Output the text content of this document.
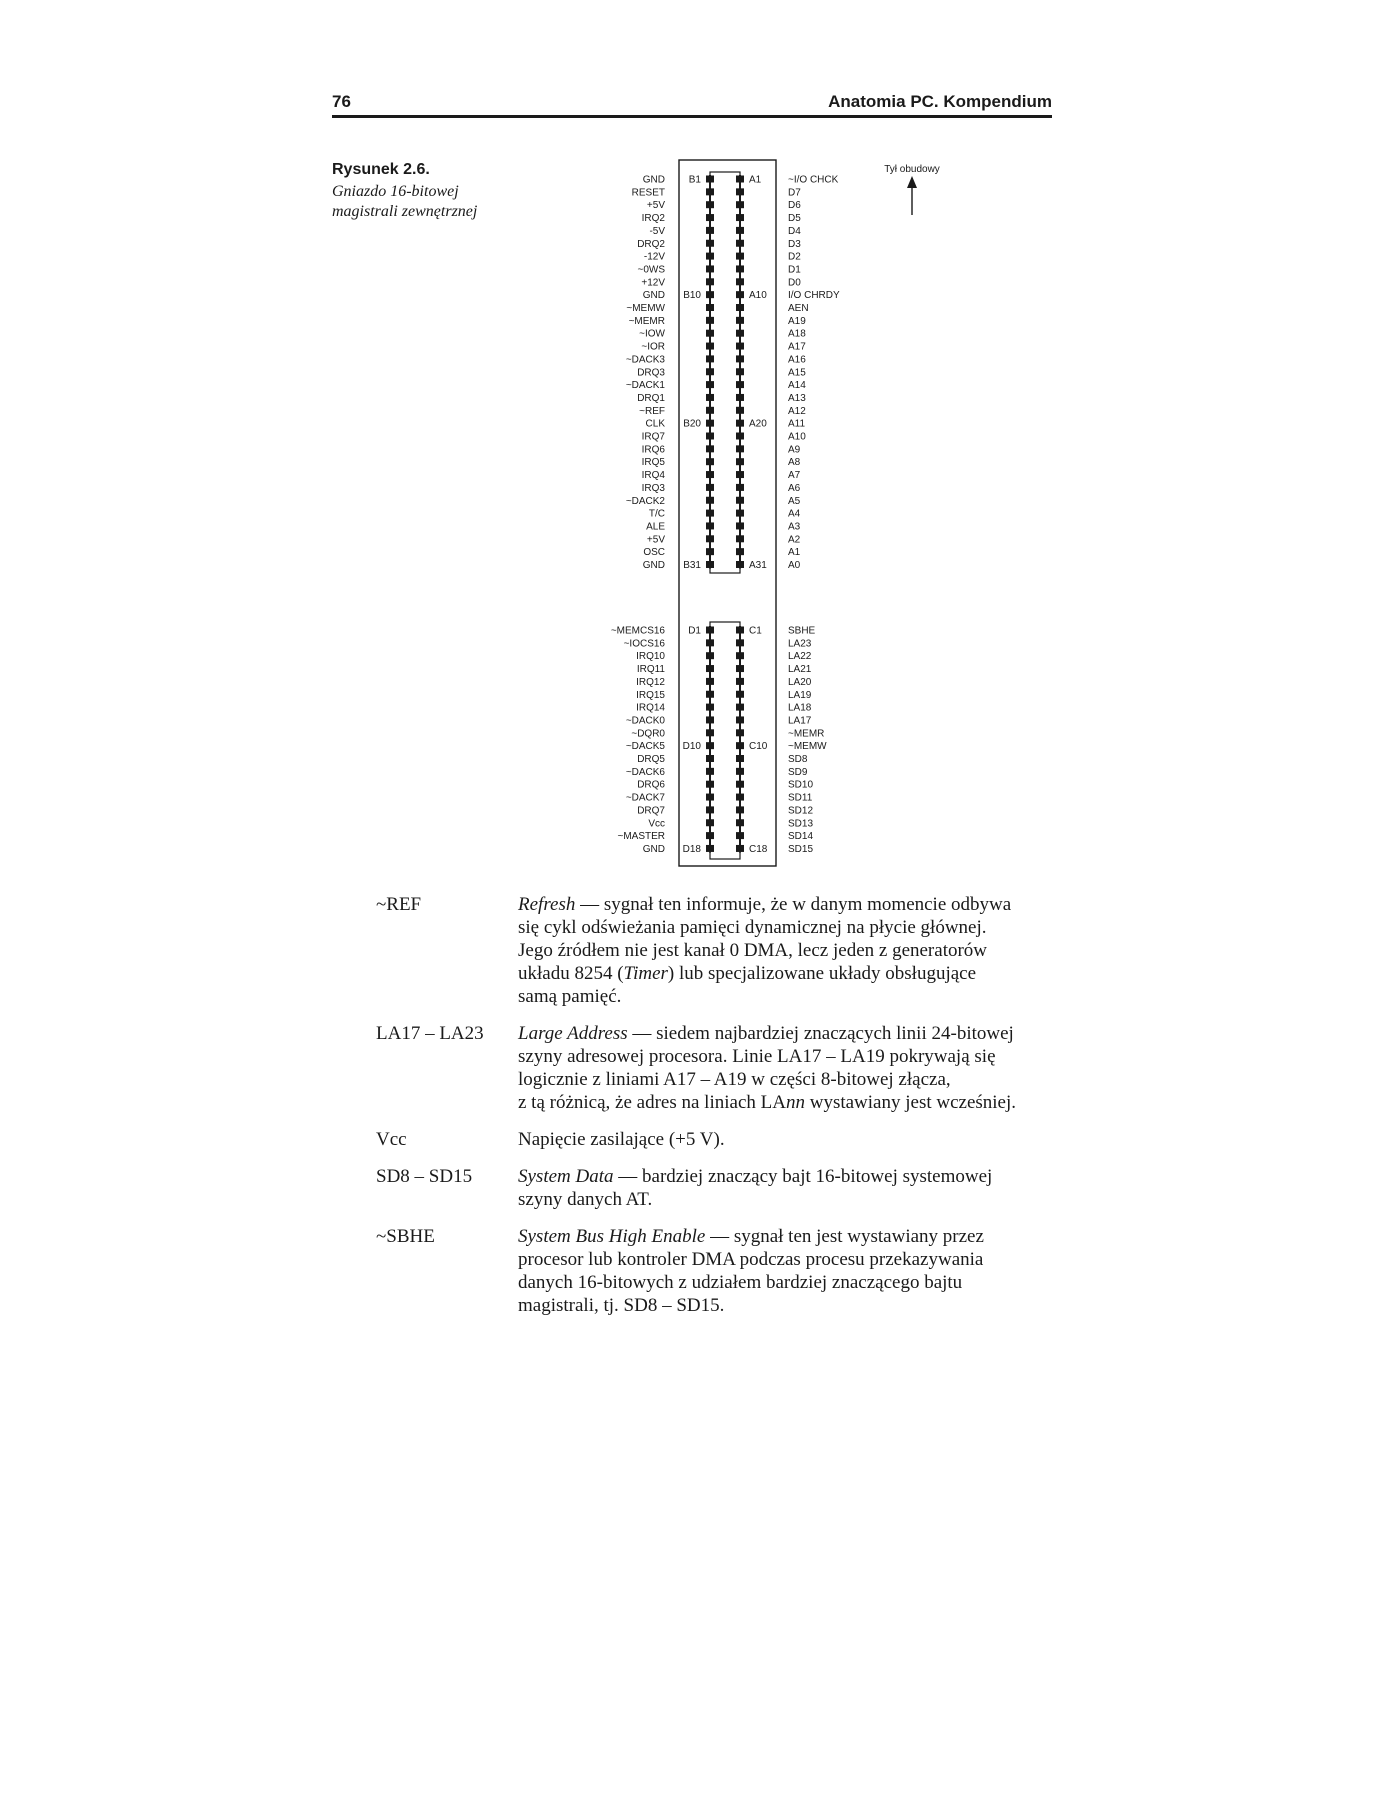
76	Anatomia PC. Kompendium
Rysunek 2.6.
Gniazdo 16-bitowej
magistrali zewnętrznej
GND	~I/O CHCK
RESET	D7
+5V	D6
IRQ2	D5
-5V	D4
DRQ2	D3
-12V	D2
~0WS	D1
+12V	D0
GND	I/O CHRDY
~MEMW	AEN
~MEMR	A19
~IOW	A18
~IOR	A17
~DACK3	A16
DRQ3	A15
~DACK1	A14
DRQ1	A13
~REF	A12
CLK	A11
IRQ7	A10
IRQ6	A9
IRQ5	A8
IRQ4	A7
IRQ3	A6
~DACK2	A5
T/C	A4
ALE	A3
+5V	A2
OSC	A1
GND	A0
B1	A1
B10	A10
B20	A20
B31	A31
~MEMCS16	SBHE
~IOCS16	LA23
IRQ10	LA22
IRQ11	LA21
IRQ12	LA20
IRQ15	LA19
IRQ14	LA18
~DACK0	LA17
~DQR0	~MEMR
~DACK5	~MEMW
DRQ5	SD8
~DACK6	SD9
DRQ6	SD10
~DACK7	SD11
DRQ7	SD12
Vcc	SD13
~MASTER	SD14
GND	SD15
D1	C1
D10	C10
D18	C18
Tył obudowy
~REF	Refresh — sygnał ten informuje, że w danym momencie odbywa
się cykl odświeżania pamięci dynamicznej na płycie głównej.
Jego źródłem nie jest kanał 0 DMA, lecz jeden z generatorów
układu 8254 (Timer) lub specjalizowane układy obsługujące
samą pamięć.
LA17 – LA23	Large Address — siedem najbardziej znaczących linii 24-bitowej
szyny adresowej procesora. Linie LA17 – LA19 pokrywają się
logicznie z liniami A17 – A19 w części 8-bitowej złącza,
z tą różnicą, że adres na liniach LAnn wystawiany jest wcześniej.
Vcc	Napięcie zasilające (+5 V).
SD8 – SD15	System Data — bardziej znaczący bajt 16-bitowej systemowej
szyny danych AT.
~SBHE	System Bus High Enable — sygnał ten jest wystawiany przez
procesor lub kontroler DMA podczas procesu przekazywania
danych 16-bitowych z udziałem bardziej znaczącego bajtu
magistrali, tj. SD8 – SD15.
